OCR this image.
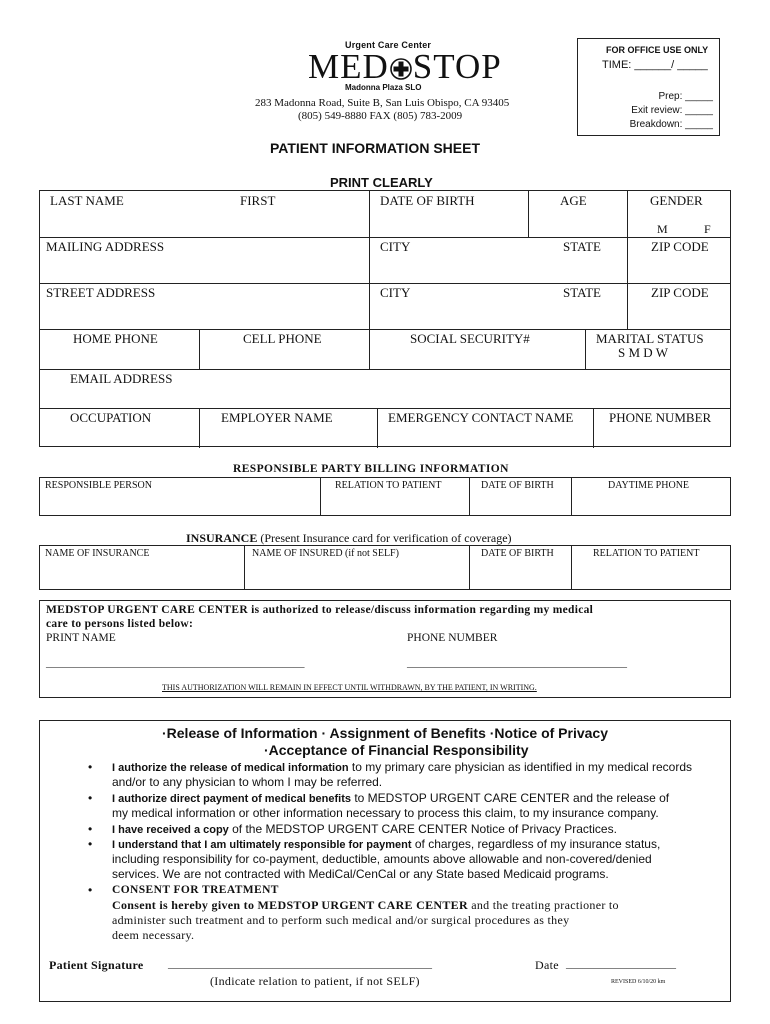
Urgent Care Center
MED STOP
Madonna Plaza SLO
283 Madonna Road, Suite B, San Luis Obispo, CA 93405
(805) 549-8880 FAX (805) 783-2009
FOR OFFICE USE ONLY
TIME: ______/ _____
Prep: _____
Exit review: _____
Breakdown: _____
PATIENT INFORMATION SHEET
PRINT CLEARLY
LAST NAME	FIRST	DATE OF BIRTH	AGE	GENDER
M	F
MAILING ADDRESS	CITY	STATE	ZIP CODE
STREET ADDRESS	CITY	STATE	ZIP CODE
HOME PHONE	CELL PHONE	SOCIAL SECURITY#	MARITAL STATUS
S M D W
EMAIL ADDRESS
OCCUPATION	EMPLOYER NAME	EMERGENCY CONTACT NAME	PHONE NUMBER
RESPONSIBLE PARTY BILLING INFORMATION
RESPONSIBLE PERSON	RELATION TO PATIENT	DATE OF BIRTH	DAYTIME PHONE
INSURANCE (Present Insurance card for verification of coverage)
NAME OF INSURANCE	NAME OF INSURED (if not SELF)	DATE OF BIRTH	RELATION TO PATIENT
MEDSTOP URGENT CARE CENTER is authorized to release/discuss information regarding my medical
care to persons listed below:
PRINT NAME	PHONE NUMBER
_______________________________________________	________________________________________
THIS AUTHORIZATION WILL REMAIN IN EFFECT UNTIL WITHDRAWN, BY THE PATIENT, IN WRITING.
·Release of Information · Assignment of Benefits ·Notice of Privacy
·Acceptance of Financial Responsibility
• I authorize the release of medical information to my primary care physician as identified in my medical records
and/or to any physician to whom I may be referred.
• I authorize direct payment of medical benefits to MEDSTOP URGENT CARE CENTER and the release of
my medical information or other information necessary to process this claim, to my insurance company.
• I have received a copy of the MEDSTOP URGENT CARE CENTER Notice of Privacy Practices.
• I understand that I am ultimately responsible for payment of charges, regardless of my insurance status,
including responsibility for co-payment, deductible, amounts above allowable and non-covered/denied
services. We are not contracted with MediCal/CenCal or any State based Medicaid programs.
• CONSENT FOR TREATMENT
Consent is hereby given to MEDSTOP URGENT CARE CENTER and the treating practioner to
administer such treatment and to perform such medical and/or surgical procedures as they
deem necessary.
Patient Signature ________________________________________________	Date ____________________
(Indicate relation to patient, if not SELF)	REVISED 6/10/20 km
